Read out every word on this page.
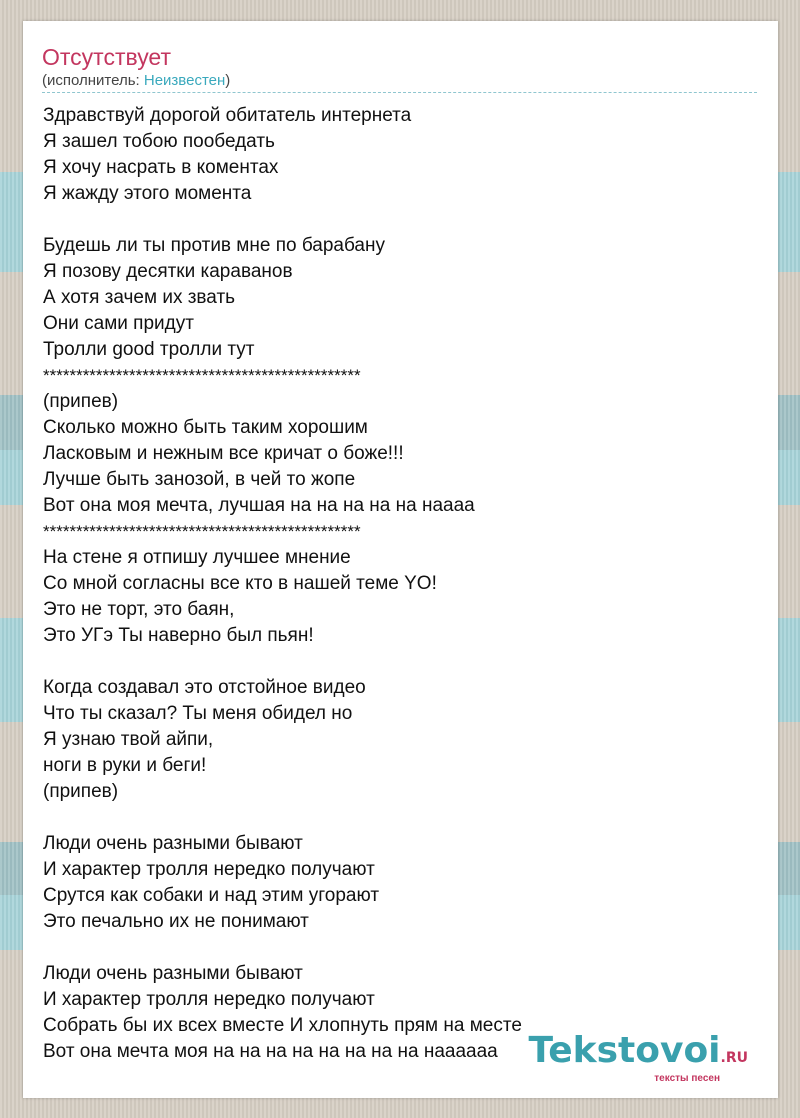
Отсутствует
(исполнитель: Неизвестен)
Здравствуй дорогой обитатель интернета
Я зашел тобою пообедать
Я хочу насрать в коментах
Я жажду этого момента
Будешь ли ты против мне по барабану
Я позову десятки караванов
А хотя зачем их звать
Они сами придут
Тролли good тролли тут
************************************************
(припев)
Сколько можно быть таким хорошим
Ласковым и нежным все кричат о боже!!!
Лучше быть занозой, в чей то жопе
Вот она моя мечта, лучшая на на на на на нaaaa
************************************************
На стене я отпишу лучшее мнение
Со мной согласны все кто в нашей теме YO!
Это не торт, это баян,
Это УГэ Ты наверно был пьян!
Когда создавал это отстойное видео
Что ты сказал? Ты меня обидел но
Я узнаю твой айпи,
ноги в руки и беги!
(припев)
Люди очень разными бывают
И характер тролля нередко получают
Срутся как собаки и над этим угорают
Это печально их не понимают
Люди очень разными бывают
И характер тролля нередко получают
Собрать бы их всех вместе И хлопнуть прям на месте
Вот она мечта моя на на на на на на на на нaaaaaa Tekstovoi.RU
тексты песен
